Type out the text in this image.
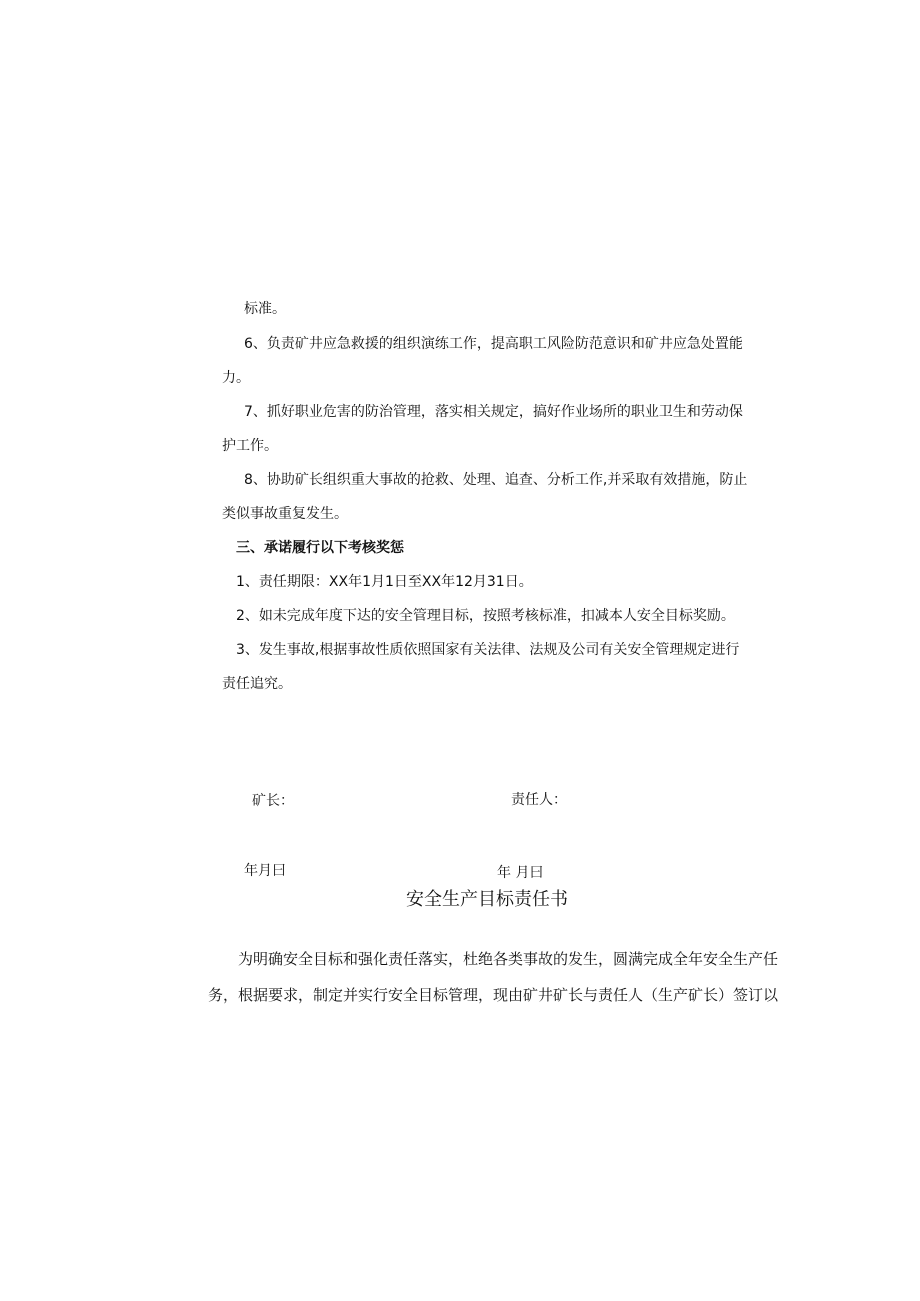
标准。
6、负责矿井应急救援的组织演练工作，提高职工风险防范意识和矿井应急处置能
力。
7、抓好职业危害的防治管理，落实相关规定，搞好作业场所的职业卫生和劳动保
护工作。
8、协助矿长组织重大事故的抢救、处理、追查、分析工作,并采取有效措施，防止
类似事故重复发生。
三、承诺履行以下考核奖惩
1、责任期限：XX年1月1日至XX年12月31日。
2、如未完成年度下达的安全管理目标，按照考核标准，扣减本人安全目标奖励。
3、发生事故,根据事故性质依照国家有关法律、法规及公司有关安全管理规定进行
责任追究。
矿长：	责任人：
年月曰	年 月曰
安全生产目标责任书
为明确安全目标和强化责任落实，杜绝各类事故的发生，圆满完成全年安全生产任
务，根据要求，制定并实行安全目标管理，现由矿井矿长与责任人（生产矿长）签订以
